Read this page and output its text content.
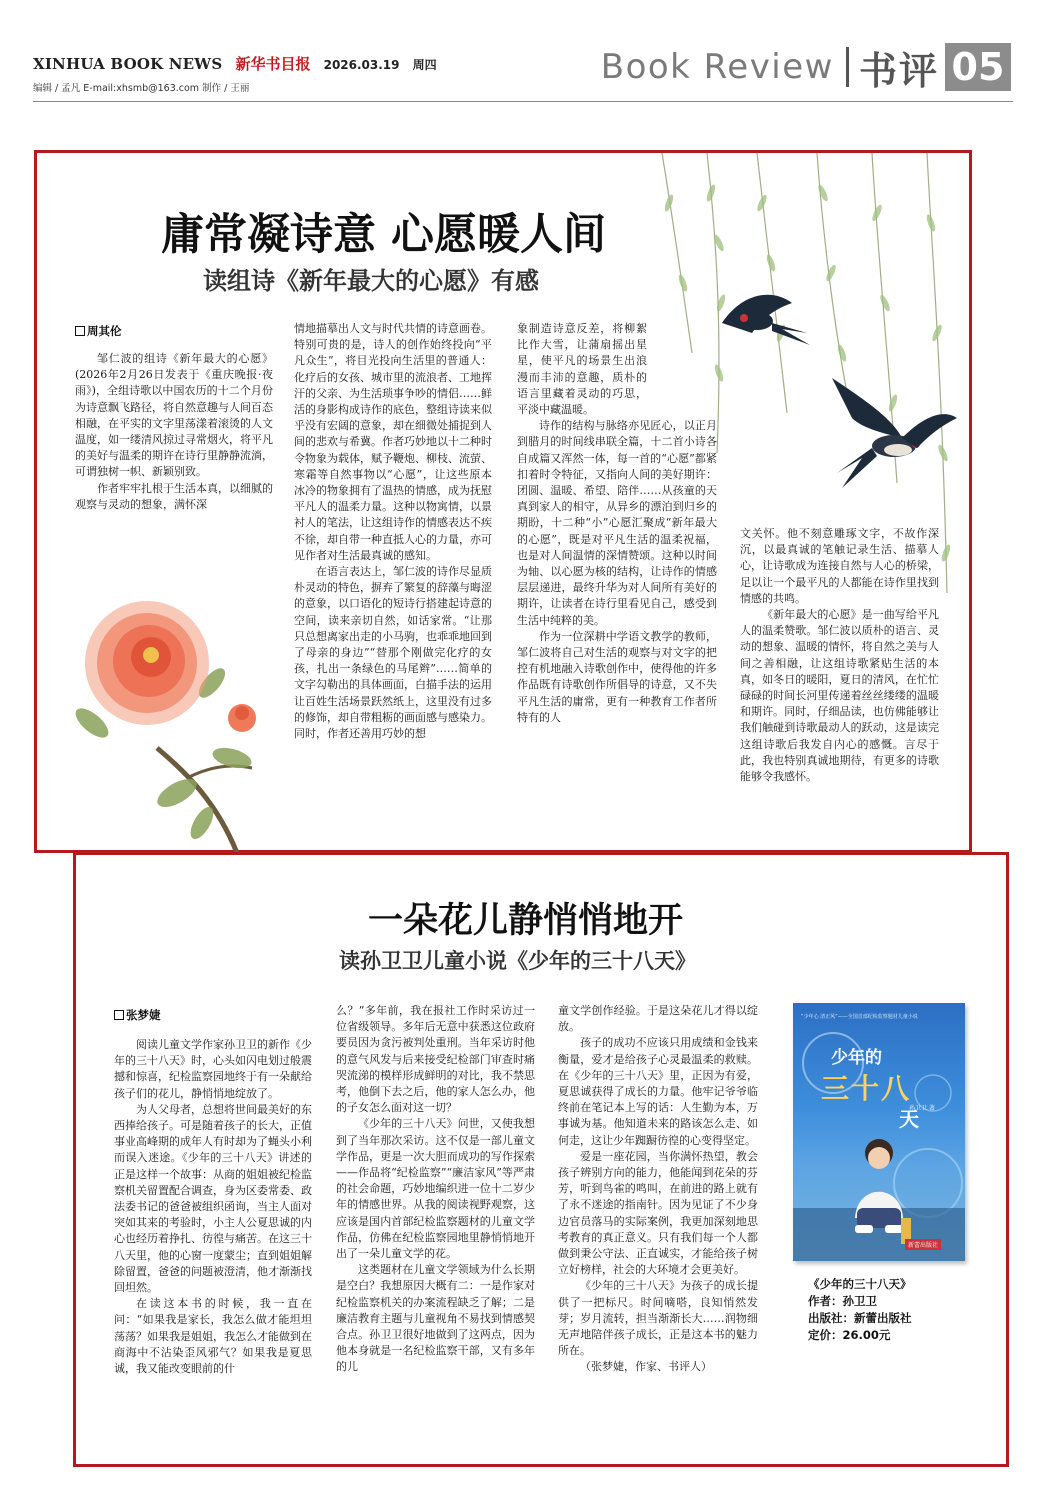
XINHUA BOOK NEWS 新华书目报 2026.03.19 周四
编辑 / 孟凡 E-mail:xhsmb@163.com 制作 / 王丽
Book Review 书评 05
庸常凝诗意 心愿暖人间
读组诗《新年最大的心愿》有感
周其伦

邹仁波的组诗《新年最大的心愿》(2026年2月26日发表于《重庆晚报·夜雨》)，全组诗歌以中国农历的十二个月份为诗意飘飞路径，将自然意趣与人间百态相融，在平实的文字里荡漾着滚烫的人文温度，如一缕清风掠过寻常烟火，将平凡的美好与温柔的期许在诗行里静静流淌，可谓独树一帜、新颖别致。

作者牢牢扎根于生活本真，以细腻的观察与灵动的想象，满怀深

情地描摹出人文与时代共情的诗意画卷。特别可贵的是，诗人的创作始终投向“平凡众生”，将目光投向生活里的普通人：化疗后的女孩、城市里的流浪者、工地挥汗的父亲、为生活琐事争吵的情侣……鲜活的身影构成诗作的底色，整组诗读来似乎没有宏阔的意象，却在细微处捕捉到人间的悲欢与希冀。作者巧妙地以十二种时令物象为载体，赋予鞭炮、柳枝、流萤、寒霜等自然事物以“心愿”，让这些原本冰冷的物象拥有了温热的情感，成为抚慰平凡人的温柔力量。这种以物寓情，以景衬人的笔法，让这组诗作的情感表达不疾不徐，却自带一种直抵人心的力量，亦可见作者对生活最真诚的感知。

在语言表达上，邹仁波的诗作尽显质朴灵动的特色，摒弃了繁复的辞藻与晦涩的意象，以口语化的短诗行搭建起诗意的空间，读来亲切自然，如话家常。“让那只总想离家出走的小马驹，也乖乖地回到了母亲的身边”“替那个刚做完化疗的女孩，扎出一条绿色的马尾辫”……简单的文字勾勒出的具体画面，白描手法的运用让百姓生活场景跃然纸上，这里没有过多的修饰，却自带粗粝的画面感与感染力。同时，作者还善用巧妙的想

象制造诗意反差，将柳絮比作大雪，让蒲扇摇出星星，使平凡的场景生出浪漫而丰沛的意趣，质朴的语言里藏着灵动的巧思，平淡中藏温暖。

诗作的结构与脉络亦见匠心，以正月到腊月的时间线串联全篇，十二首小诗各自成篇又浑然一体，每一首的“心愿”都紧扣着时令特征，又指向人间的美好期许：团圆、温暖、希望、陪伴……从孩童的天真到家人的相守，从异乡的漂泊到归乡的期盼，十二种“小”心愿汇聚成“新年最大的心愿”，既是对平凡生活的温柔祝福，也是对人间温情的深情赞颂。这种以时间为轴、以心愿为核的结构，让诗作的情感层层递进，最终升华为对人间所有美好的期许，让读者在诗行里看见自己，感受到生活中纯粹的美。

作为一位深耕中学语文教学的教师，邹仁波将自己对生活的观察与对文字的把控有机地融入诗歌创作中，使得他的许多作品既有诗歌创作所倡导的诗意，又不失平凡生活的庸常，更有一种教育工作者所特有的人

文关怀。他不刻意雕琢文字，不故作深沉，以最真诚的笔触记录生活、描摹人心，让诗歌成为连接自然与人心的桥梁，足以让一个最平凡的人都能在诗作里找到情感的共鸣。

《新年最大的心愿》是一曲写给平凡人的温柔赞歌。邹仁波以质朴的语言、灵动的想象、温暖的情怀，将自然之美与人间之善相融，让这组诗歌紧贴生活的本真，如冬日的暖阳，夏日的清风，在忙忙碌碌的时间长河里传递着丝丝缕缕的温暖和期许。同时，仔细品读，也仿佛能够让我们触碰到诗歌最动人的跃动，这是读完这组诗歌后我发自内心的感慨。言尽于此，我也特别真诚地期待，有更多的诗歌能够令我感怀。

一朵花儿静悄悄地开
读孙卫卫儿童小说《少年的三十八天》
张梦婕

阅读儿童文学作家孙卫卫的新作《少年的三十八天》时，心头如闪电划过般震撼和惊喜，纪检监察园地终于有一朵献给孩子们的花儿，静悄悄地绽放了。

为人父母者，总想将世间最美好的东西捧给孩子。可是随着孩子的长大，正值事业高峰期的成年人有时却为了蝇头小利而误入迷途。《少年的三十八天》讲述的正是这样一个故事：从商的姐姐被纪检监察机关留置配合调查，身为区委常委、政法委书记的爸爸被组织函询，当主人面对突如其来的考验时，小主人公夏思诚的内心也经历着挣扎、彷徨与痛苦。在这三十八天里，他的心窗一度蒙尘；直到姐姐解除留置，爸爸的问题被澄清，他才渐渐找回坦然。

在读这本书的时候，我一直在问：“如果我是家长，我怎么做才能坦坦荡荡？如果我是姐姐，我怎么才能做到在商海中不沾染歪风邪气？如果我是夏思诚，我又能改变眼前的什

么？”多年前，我在报社工作时采访过一位省级领导。多年后无意中获悉这位政府要员因为贪污被判处重刑。当年采访时他的意气风发与后来接受纪检部门审查时痛哭流涕的模样形成鲜明的对比，我不禁思考，他倒下去之后，他的家人怎么办，他的子女怎么面对这一切？

《少年的三十八天》问世，又使我想到了当年那次采访。这不仅是一部儿童文学作品，更是一次大胆而成功的写作探索——作品将“纪检监察”“廉洁家风”等严肃的社会命题，巧妙地编织进一位十二岁少年的情感世界。从我的阅读视野观察，这应该是国内首部纪检监察题材的儿童文学作品，仿佛在纪检监察园地里静悄悄地开出了一朵儿童文学的花。

这类题材在儿童文学领域为什么长期是空白？我想原因大概有二：一是作家对纪检监察机关的办案流程缺乏了解；二是廉洁教育主题与儿童视角不易找到情感契合点。孙卫卫很好地做到了这两点，因为他本身就是一名纪检监察干部，又有多年的儿

童文学创作经验。于是这朵花儿才得以绽放。

孩子的成功不应该只用成绩和金钱来衡量，爱才是给孩子心灵最温柔的救赎。在《少年的三十八天》里，正因为有爱，夏思诚获得了成长的力量。他牢记爷爷临终前在笔记本上写的话：人生勤为本，万事诚为基。他知道未来的路该怎么走、如何走，这让少年踟蹰彷徨的心变得坚定。

爱是一座花园，当你满怀热望，教会孩子辨别方向的能力，他能闻到花朵的芬芳，听到鸟雀的鸣叫，在前进的路上就有了永不迷途的指南针。因为见证了不少身边官员落马的实际案例，我更加深刻地思考教育的真正意义。只有我们每一个人都做到秉公守法、正直诚实，才能给孩子树立好榜样，社会的大环境才会更美好。

《少年的三十八天》为孩子的成长提供了一把标尺。时间嘀嗒，良知悄然发芽；岁月流转，担当渐渐长大……润物细无声地陪伴孩子成长，正是这本书的魅力所在。

（张梦婕，作家、书评人）

“少年心 清正风”——全国首部纪检监察题材儿童小说
少年的
三十八
天
孙卫卫 著
新蕾出版社
《少年的三十八天》
作者：孙卫卫
出版社：新蕾出版社
定价：26.00元
